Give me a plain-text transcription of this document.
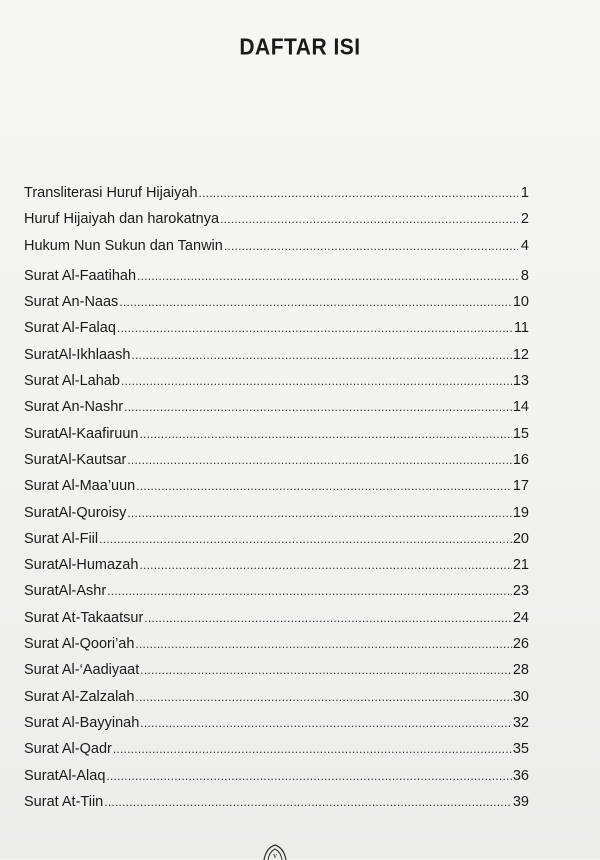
DAFTAR ISI
Transliterasi Huruf Hijaiyah . . .	1
Huruf Hijaiyah dan harokatnya . . .	2
Hukum Nun Sukun dan Tanwin . . .	4
Surat Al-Faatihah . . .	8
Surat An-Naas . . .	10
Surat Al-Falaq . . .	11
SuratAl-Ikhlaash . . .	12
Surat Al-Lahab . . .	13
Surat An-Nashr . . .	14
SuratAl-Kaafiruun . . .	15
SuratAl-Kautsar . . .	16
Surat Al-Maa’uun . . .	17
SuratAl-Quroisy . . .	19
Surat Al-Fiil . . .	20
SuratAl-Humazah . . .	21
SuratAl-Ashr . . .	23
Surat At-Takaatsur . . .	24
Surat Al-Qoori’ah . . .	26
Surat Al-‘Aadiyaat . . .	28
Surat Al-Zalzalah . . .	30
Surat Al-Bayyinah . . .	32
Surat Al-Qadr . . .	35
SuratAl-Alaq . . .	36
Surat At-Tiin . . .	39
v
